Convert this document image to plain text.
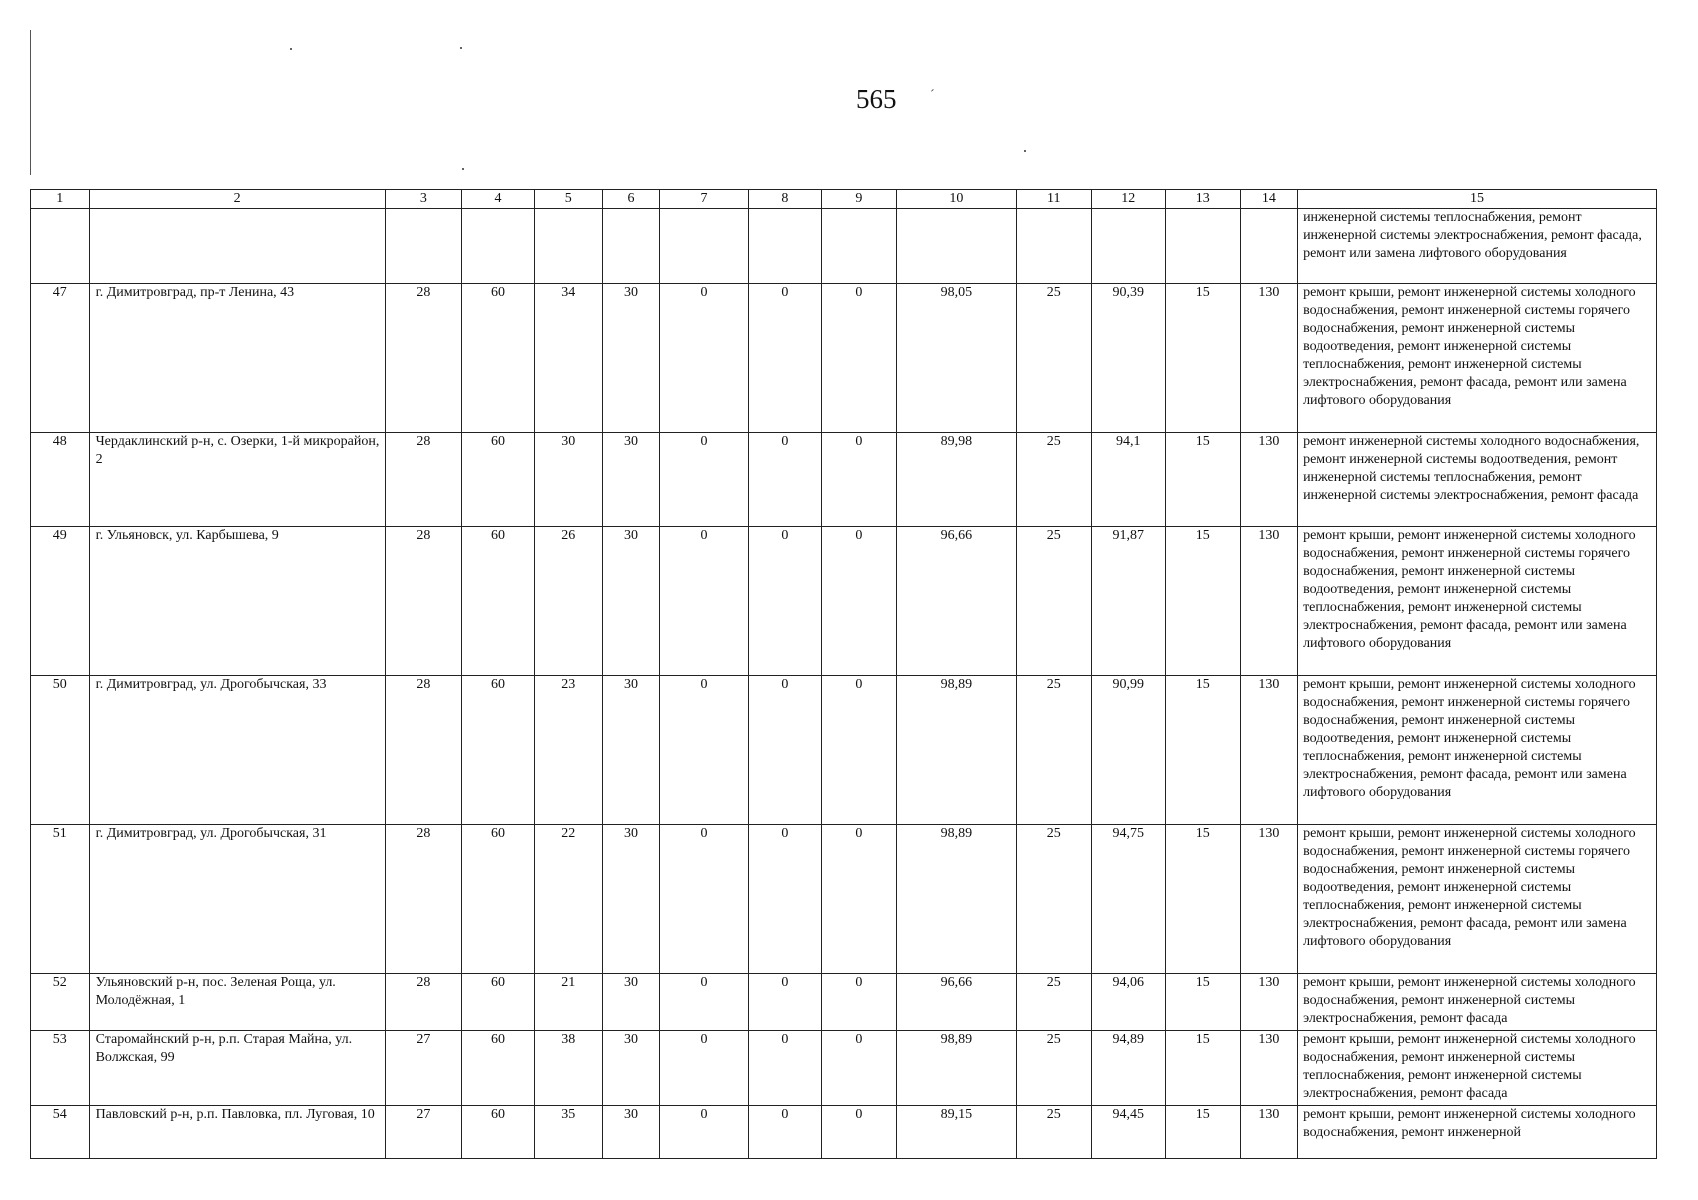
565 ´
1	2	3	4	5	6	7	8	9	10	11	12	13	14	15
														инженерной системы теплоснабжения, ремонт инженерной системы электроснабжения, ремонт фасада, ремонт или замена лифтового оборудования
47	г. Димитровград, пр-т Ленина, 43	28	60	34	30	0	0	0	98,05	25	90,39	15	130	ремонт крыши, ремонт инженерной системы холодного водоснабжения, ремонт инженерной системы горячего водоснабжения, ремонт инженерной системы водоотведения, ремонт инженерной системы теплоснабжения, ремонт инженерной системы электроснабжения, ремонт фасада, ремонт или замена лифтового оборудования
48	Чердаклинский р-н, с. Озерки, 1-й микрорайон, 2	28	60	30	30	0	0	0	89,98	25	94,1	15	130	ремонт инженерной системы холодного водоснабжения, ремонт инженерной системы водоотведения, ремонт инженерной системы теплоснабжения, ремонт инженерной системы электроснабжения, ремонт фасада
49	г. Ульяновск, ул. Карбышева, 9	28	60	26	30	0	0	0	96,66	25	91,87	15	130	ремонт крыши, ремонт инженерной системы холодного водоснабжения, ремонт инженерной системы горячего водоснабжения, ремонт инженерной системы водоотведения, ремонт инженерной системы теплоснабжения, ремонт инженерной системы электроснабжения, ремонт фасада, ремонт или замена лифтового оборудования
50	г. Димитровград, ул. Дрогобычская, 33	28	60	23	30	0	0	0	98,89	25	90,99	15	130	ремонт крыши, ремонт инженерной системы холодного водоснабжения, ремонт инженерной системы горячего водоснабжения, ремонт инженерной системы водоотведения, ремонт инженерной системы теплоснабжения, ремонт инженерной системы электроснабжения, ремонт фасада, ремонт или замена лифтового оборудования
51	г. Димитровград, ул. Дрогобычская, 31	28	60	22	30	0	0	0	98,89	25	94,75	15	130	ремонт крыши, ремонт инженерной системы холодного водоснабжения, ремонт инженерной системы горячего водоснабжения, ремонт инженерной системы водоотведения, ремонт инженерной системы теплоснабжения, ремонт инженерной системы электроснабжения, ремонт фасада, ремонт или замена лифтового оборудования
52	Ульяновский р-н, пос. Зеленая Роща, ул. Молодёжная, 1	28	60	21	30	0	0	0	96,66	25	94,06	15	130	ремонт крыши, ремонт инженерной системы холодного водоснабжения, ремонт инженерной системы электроснабжения, ремонт фасада
53	Старомайнский р-н, р.п. Старая Майна, ул. Волжская, 99	27	60	38	30	0	0	0	98,89	25	94,89	15	130	ремонт крыши, ремонт инженерной системы холодного водоснабжения, ремонт инженерной системы теплоснабжения, ремонт инженерной системы электроснабжения, ремонт фасада
54	Павловский р-н, р.п. Павловка, пл. Луговая, 10	27	60	35	30	0	0	0	89,15	25	94,45	15	130	ремонт крыши, ремонт инженерной системы холодного водоснабжения, ремонт инженерной
